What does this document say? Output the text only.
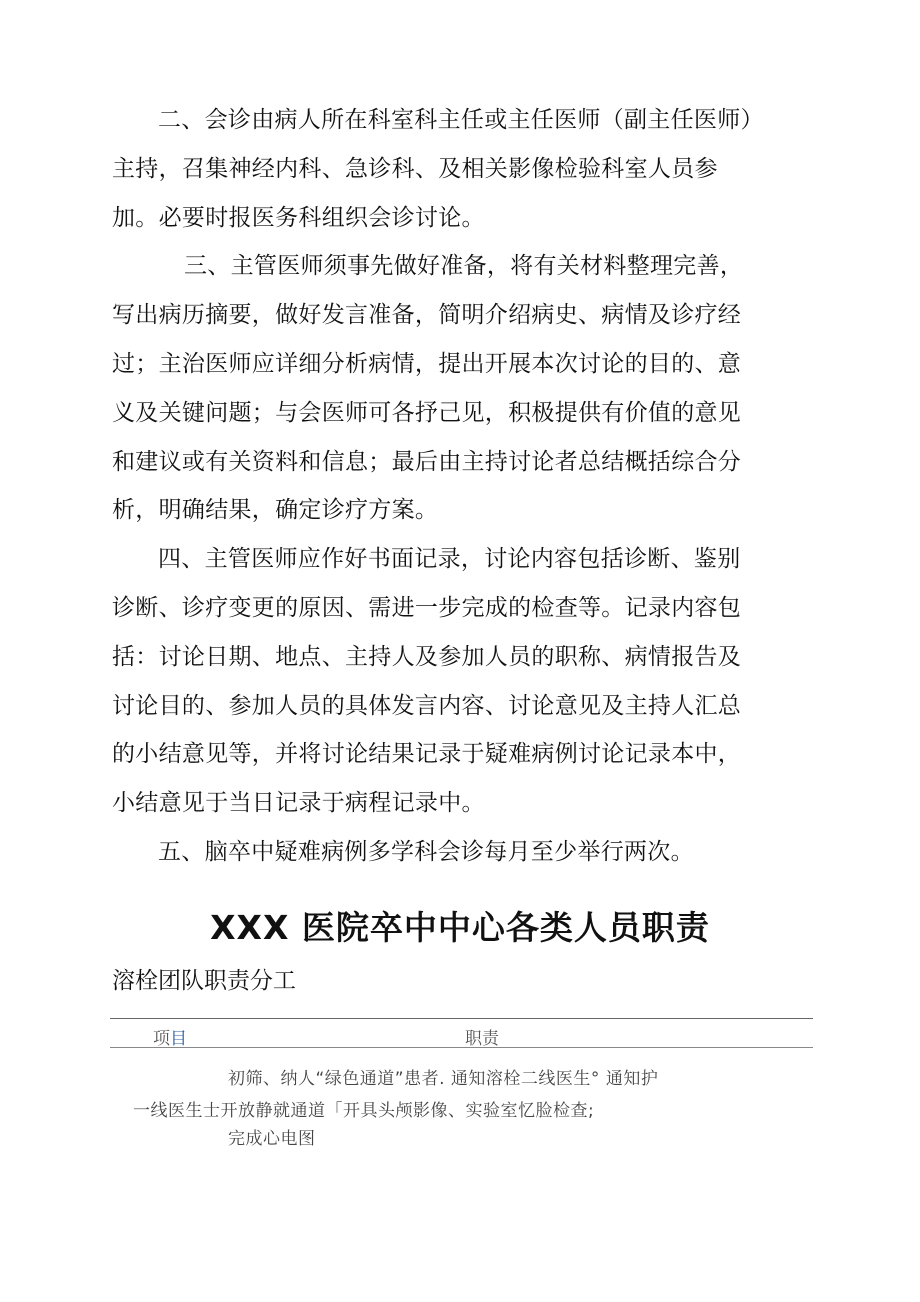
二、会诊由病人所在科室科主任或主任医师（副主任医师）主持，召集神经内科、急诊科、及相关影像检验科室人员参加。必要时报医务科组织会诊讨论。

三、主管医师须事先做好准备，将有关材料整理完善，写出病历摘要，做好发言准备，简明介绍病史、病情及诊疗经过；主治医师应详细分析病情，提出开展本次讨论的目的、意义及关键问题；与会医师可各抒己见，积极提供有价值的意见和建议或有关资料和信息；最后由主持讨论者总结概括综合分析，明确结果，确定诊疗方案。

四、主管医师应作好书面记录，讨论内容包括诊断、鉴别诊断、诊疗变更的原因、需进一步完成的检查等。记录内容包括：讨论日期、地点、主持人及参加人员的职称、病情报告及讨论目的、参加人员的具体发言内容、讨论意见及主持人汇总的小结意见等，并将讨论结果记录于疑难病例讨论记录本中，小结意见于当日记录于病程记录中。

五、脑卒中疑难病例多学科会诊每月至少举行两次。

XXX 医院卒中中心各类人员职责

溶栓团队职责分工

项目	职责
初筛、纳人“绿色通道”患者. 通知溶栓二线医生° 通知护
一线医生士开放静就通道「开具头颅影像、实验室忆脸检查;
完成心电图
